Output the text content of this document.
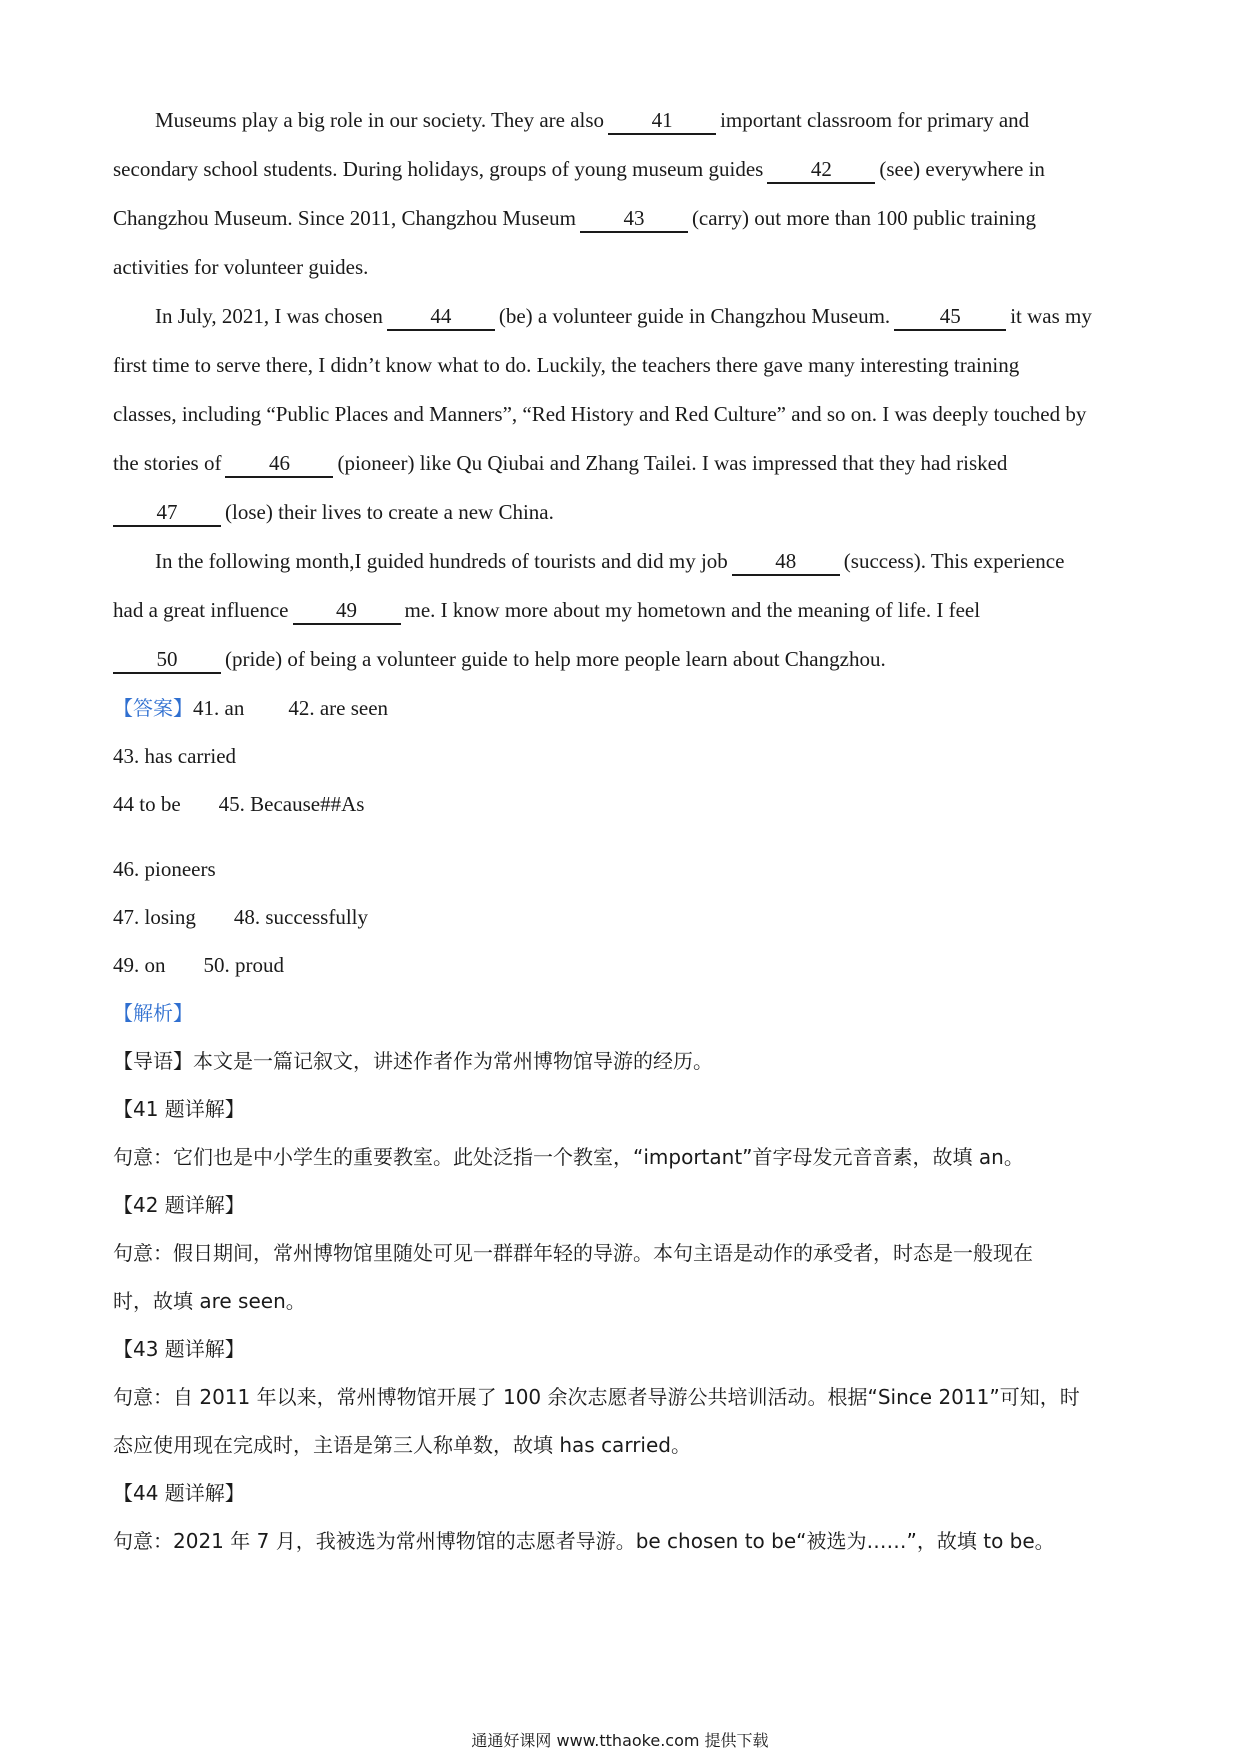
Museums play a big role in our society. They are also 41 important classroom for primary and

secondary school students. During holidays, groups of young museum guides 42 (see) everywhere in

Changzhou Museum. Since 2011, Changzhou Museum 43 (carry) out more than 100 public training

activities for volunteer guides.

In July, 2021, I was chosen 44 (be) a volunteer guide in Changzhou Museum. 45 it was my

first time to serve there, I didn’t know what to do. Luckily, the teachers there gave many interesting training

classes, including “Public Places and Manners”, “Red History and Red Culture” and so on. I was deeply touched by

the stories of 46 (pioneer) like Qu Qiubai and Zhang Tailei. I was impressed that they had risked

47 (lose) their lives to create a new China.

In the following month,I guided hundreds of tourists and did my job 48 (success). This experience

had a great influence 49 me. I know more about my hometown and the meaning of life. I feel

50 (pride) of being a volunteer guide to help more people learn about Changzhou.

【答案】41. an 42. are seen
43. has carried
44 to be 45. Because##As
46. pioneers
47. losing 48. successfully
49. on 50. proud
【解析】
【导语】本文是一篇记叙文，讲述作者作为常州博物馆导游的经历。
【41 题详解】
句意：它们也是中小学生的重要教室。此处泛指一个教室，“important”首字母发元音音素，故填 an。
【42 题详解】
句意：假日期间，常州博物馆里随处可见一群群年轻的导游。本句主语是动作的承受者，时态是一般现在
时，故填 are seen。
【43 题详解】
句意：自 2011 年以来，常州博物馆开展了 100 余次志愿者导游公共培训活动。根据“Since 2011”可知，时
态应使用现在完成时，主语是第三人称单数，故填 has carried。
【44 题详解】
句意：2021 年 7 月，我被选为常州博物馆的志愿者导游。be chosen to be“被选为……”，故填 to be。
通通好课网 www.tthaoke.com 提供下载
